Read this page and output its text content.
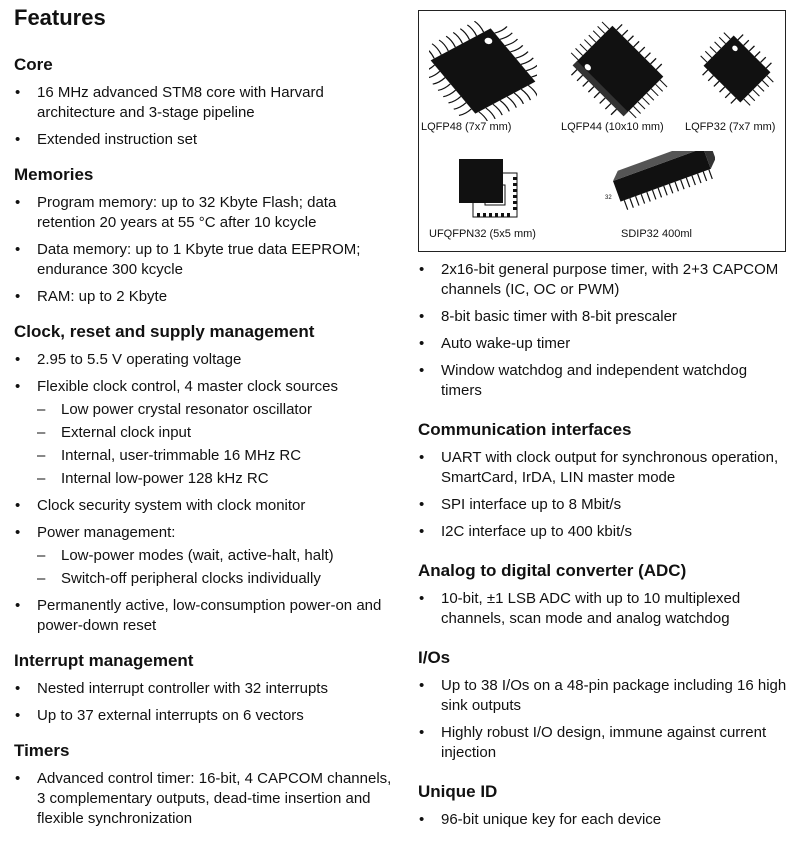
Features
Core
• 16 MHz advanced STM8 core with Harvard architecture and 3-stage pipeline
• Extended instruction set
Memories
• Program memory: up to 32 Kbyte Flash; data retention 20 years at 55 °C after 10 kcycle
• Data memory: up to 1 Kbyte true data EEPROM; endurance 300 kcycle
• RAM: up to 2 Kbyte
Clock, reset and supply management
• 2.95 to 5.5 V operating voltage
• Flexible clock control, 4 master clock sources
– Low power crystal resonator oscillator
– External clock input
– Internal, user-trimmable 16 MHz RC
– Internal low-power 128 kHz RC
• Clock security system with clock monitor
• Power management:
– Low-power modes (wait, active-halt, halt)
– Switch-off peripheral clocks individually
• Permanently active, low-consumption power-on and power-down reset
Interrupt management
• Nested interrupt controller with 32 interrupts
• Up to 37 external interrupts on 6 vectors
Timers
• Advanced control timer: 16-bit, 4 CAPCOM channels, 3 complementary outputs, dead-time insertion and flexible synchronization
LQFP48 (7x7 mm)	LQFP44 (10x10 mm) LQFP32 (7x7 mm)
32
UFQFPN32 (5x5 mm)	SDIP32 400ml
• 2x16-bit general purpose timer, with 2+3 CAPCOM channels (IC, OC or PWM)
• 8-bit basic timer with 8-bit prescaler
• Auto wake-up timer
• Window watchdog and independent watchdog timers
Communication interfaces
• UART with clock output for synchronous operation, SmartCard, IrDA, LIN master mode
• SPI interface up to 8 Mbit/s
• I2C interface up to 400 kbit/s
Analog to digital converter (ADC)
• 10-bit, ±1 LSB ADC with up to 10 multiplexed channels, scan mode and analog watchdog
I/Os
• Up to 38 I/Os on a 48-pin package including 16 high sink outputs
• Highly robust I/O design, immune against current injection
Unique ID
• 96-bit unique key for each device
